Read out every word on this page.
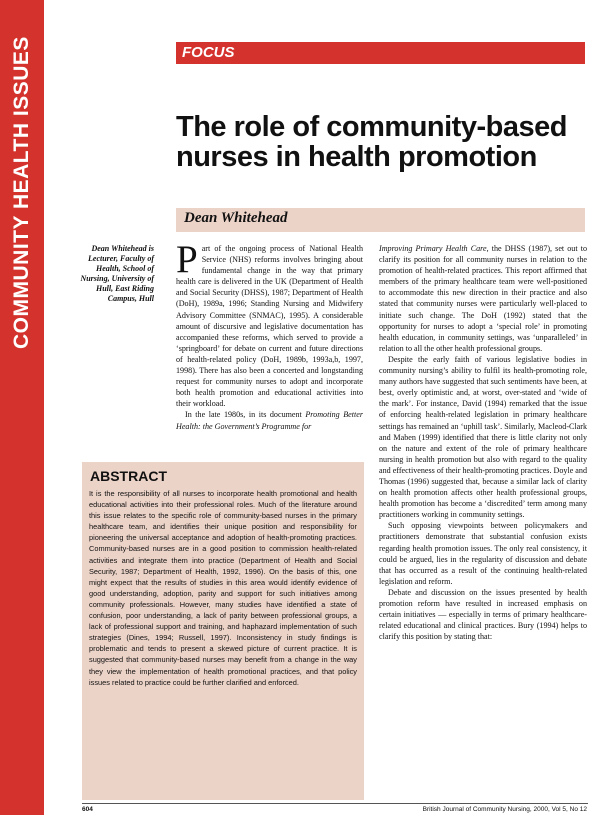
COMMUNITY HEALTH ISSUES	FOCUS
The role of community-based nurses in health promotion
Dean Whitehead
Dean Whitehead is Lecturer, Faculty of Health, School of Nursing, University of Hull, East Riding Campus, Hull

Part of the ongoing process of National Health Service (NHS) reforms involves bringing about fundamental change in the way that primary health care is delivered in the UK (Department of Health and Social Security (DHSS), 1987; Department of Health (DoH), 1989a, 1996; Standing Nursing and Midwifery Advisory Committee (SNMAC), 1995). A considerable amount of discursive and legislative documentation has accompanied these reforms, which served to provide a ‘springboard’ for debate on current and future directions of health-related policy (DoH, 1989b, 1993a,b, 1997, 1998). There has also been a concerted and longstanding request for community nurses to adopt and incorporate both health promotion and educational activities into their workload.

In the late 1980s, in its document Promoting Better Health: the Government’s Programme for

Improving Primary Health Care, the DHSS (1987), set out to clarify its position for all community nurses in relation to the promotion of health-related practices. This report affirmed that members of the primary healthcare team were well-positioned to accommodate this new direction in their practice and also stated that community nurses were particularly well-placed to initiate such change. The DoH (1992) stated that the opportunity for nurses to adopt a ‘special role’ in promoting health education, in community settings, was ‘unparalleled’ in relation to all the other health professional groups.

Despite the early faith of various legislative bodies in community nursing’s ability to fulfil its health-promoting role, many authors have suggested that such sentiments have been, at best, overly optimistic and, at worst, over-stated and ‘wide of the mark’. For instance, David (1994) remarked that the issue of enforcing health-related legislation in primary healthcare settings has remained an ‘uphill task’. Similarly, Macleod-Clark and Maben (1999) identified that there is little clarity not only on the nature and extent of the role of primary healthcare nursing in health promotion but also with regard to the quality and effectiveness of their health-promoting practices. Doyle and Thomas (1996) suggested that, because a similar lack of clarity on health promotion affects other health professional groups, health promotion has become a ‘discredited’ term among many practitioners working in community settings.

Such opposing viewpoints between policymakers and practitioners demonstrate that substantial confusion exists regarding health promotion issues. The only real consistency, it could be argued, lies in the regularity of discussion and debate that has occurred as a result of the continuing health-related legislation and reform.

Debate and discussion on the issues presented by health promotion reform have resulted in increased emphasis on certain initiatives — especially in terms of primary healthcare-related educational and clinical practices. Bury (1994) helps to clarify this position by stating that:

ABSTRACT

It is the responsibility of all nurses to incorporate health promotional and health educational activities into their professional roles. Much of the literature around this issue relates to the specific role of community-based nurses in the primary healthcare team, and identifies their unique position and responsibility for pioneering the universal acceptance and adoption of health-promoting practices. Community-based nurses are in a good position to commission health-related activities and integrate them into practice (Department of Health and Social Security, 1987; Department of Health, 1992, 1996). On the basis of this, one might expect that the results of studies in this area would identify evidence of good understanding, adoption, parity and support for such initiatives among community professionals. However, many studies have identified a state of confusion, poor understanding, a lack of parity between professional groups, a lack of professional support and training, and haphazard implementation of such strategies (Dines, 1994; Russell, 1997). Inconsistency in study findings is problematic and tends to present a skewed picture of current practice. It is suggested that community-based nurses may benefit from a change in the way they view the implementation of health promotional practices, and that policy issues related to practice could be further clarified and enforced.

604	British Journal of Community Nursing, 2000, Vol 5, No 12
